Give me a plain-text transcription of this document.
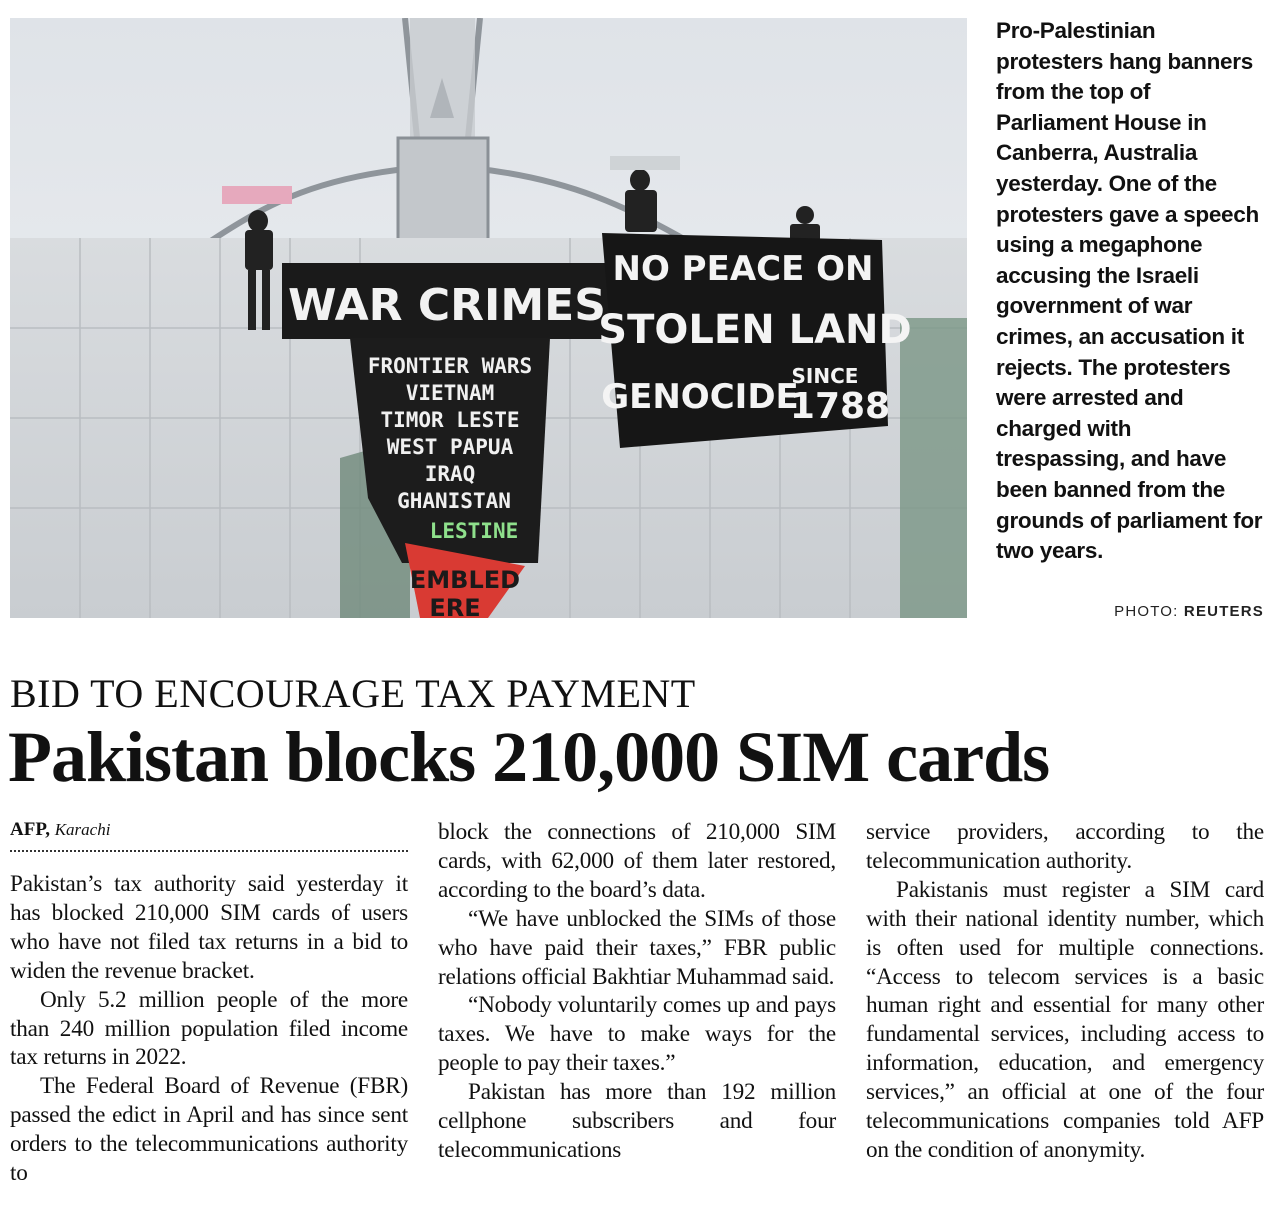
WAR CRIMES
FRONTIER WARS
VIETNAM
TIMOR LESTE
WEST PAPUA
IRAQ
GHANISTAN
LESTINE
EMBLED
ERE
NO PEACE ON
STOLEN LAND
GENOCIDE
SINCE
1788
Pro-Palestinian protesters hang banners from the top of Parliament House in Canberra, Australia yesterday. One of the protesters gave a speech using a megaphone accusing the Israeli government of war crimes, an accusation it rejects. The protesters were arrested and charged with trespassing, and have been banned from the grounds of parliament for two years.
PHOTO: REUTERS
BID TO ENCOURAGE TAX PAYMENT
Pakistan blocks 210,000 SIM cards
AFP, Karachi

Pakistan’s tax authority said yesterday it has blocked 210,000 SIM cards of users who have not filed tax returns in a bid to widen the revenue bracket.

Only 5.2 million people of the more than 240 million population filed income tax returns in 2022.

The Federal Board of Revenue (FBR) passed the edict in April and has since sent orders to the telecommunications authority to

block the connections of 210,000 SIM cards, with 62,000 of them later restored, according to the board’s data.

“We have unblocked the SIMs of those who have paid their taxes,” FBR public relations official Bakhtiar Muhammad said.

“Nobody voluntarily comes up and pays taxes. We have to make ways for the people to pay their taxes.”

Pakistan has more than 192 million cellphone subscribers and four telecommunications

service providers, according to the telecommunication authority.

Pakistanis must register a SIM card with their national identity number, which is often used for multiple connections. “Access to telecom services is a basic human right and essential for many other fundamental services, including access to information, education, and emergency services,” an official at one of the four telecommunications companies told AFP on the condition of anonymity.
